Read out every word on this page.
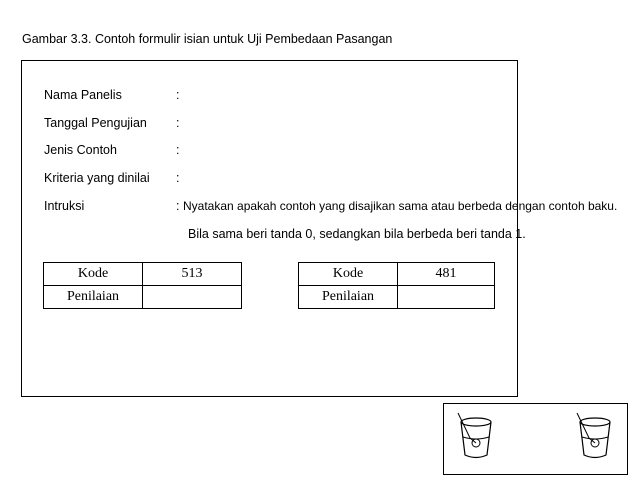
Gambar 3.3. Contoh formulir isian untuk Uji Pembedaan Pasangan
Nama Panelis	:
Tanggal Pengujian :
Jenis Contoh	:
Kriteria yang dinilai :
Intruksi	: Nyatakan apakah contoh yang disajikan sama atau berbeda dengan contoh baku.
Bila sama beri tanda 0, sedangkan bila berbeda beri tanda 1.
Kode	513
Penilaian	
Kode	481
Penilaian	
